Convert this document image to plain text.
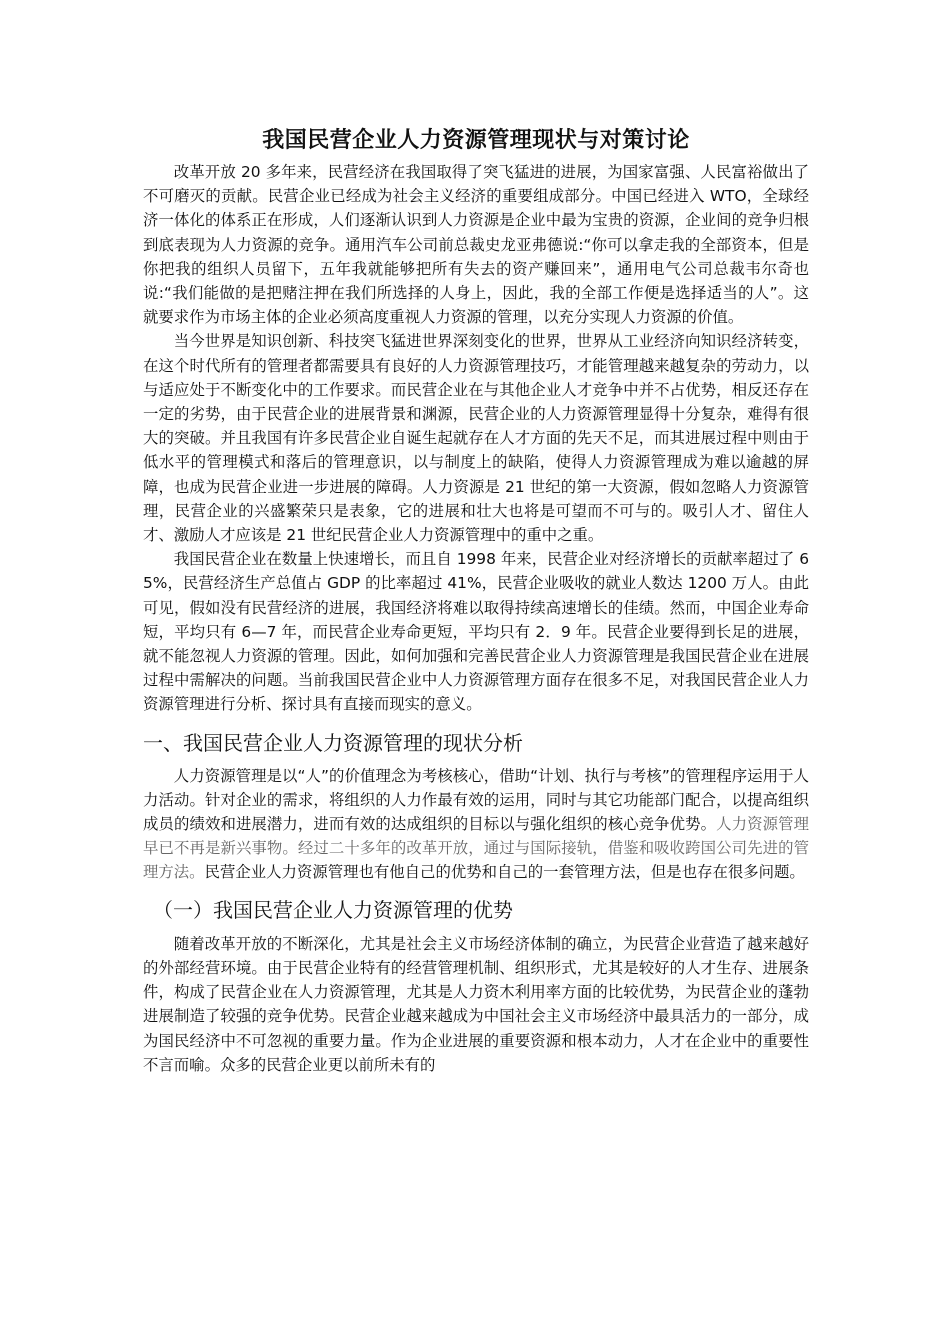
我国民营企业人力资源管理现状与对策讨论

改革开放 20 多年来，民营经济在我国取得了突飞猛进的进展，为国家富强、人民富裕做出了不可磨灭的贡献。民营企业已经成为社会主义经济的重要组成部分。中国已经进入 WTO，全球经济一体化的体系正在形成，人们逐渐认识到人力资源是企业中最为宝贵的资源，企业间的竞争归根到底表现为人力资源的竞争。通用汽车公司前总裁史龙亚弗德说:“你可以拿走我的全部资本，但是你把我的组织人员留下，五年我就能够把所有失去的资产赚回来”，通用电气公司总裁韦尔奇也说:“我们能做的是把赌注押在我们所选择的人身上，因此，我的全部工作便是选择适当的人”。这就要求作为市场主体的企业必须高度重视人力资源的管理，以充分实现人力资源的价值。

当今世界是知识创新、科技突飞猛进世界深刻变化的世界，世界从工业经济向知识经济转变，在这个时代所有的管理者都需要具有良好的人力资源管理技巧，才能管理越来越复杂的劳动力，以与适应处于不断变化中的工作要求。而民营企业在与其他企业人才竞争中并不占优势，相反还存在一定的劣势，由于民营企业的进展背景和渊源，民营企业的人力资源管理显得十分复杂，难得有很大的突破。并且我国有许多民营企业自诞生起就存在人才方面的先天不足，而其进展过程中则由于低水平的管理模式和落后的管理意识，以与制度上的缺陷，使得人力资源管理成为难以逾越的屏障，也成为民营企业进一步进展的障碍。人力资源是 21 世纪的第一大资源，假如忽略人力资源管理，民营企业的兴盛繁荣只是表象，它的进展和壮大也将是可望而不可与的。吸引人才、留住人才、激励人才应该是 21 世纪民营企业人力资源管理中的重中之重。

我国民营企业在数量上快速增长，而且自 1998 年来，民营企业对经济增长的贡献率超过了 65%，民营经济生产总值占 GDP 的比率超过 41%，民营企业吸收的就业人数达 1200 万人。由此可见，假如没有民营经济的进展，我国经济将难以取得持续高速增长的佳绩。然而，中国企业寿命短，平均只有 6—7 年，而民营企业寿命更短，平均只有 2．9 年。民营企业要得到长足的进展，就不能忽视人力资源的管理。因此，如何加强和完善民营企业人力资源管理是我国民营企业在进展过程中需解决的问题。当前我国民营企业中人力资源管理方面存在很多不足，对我国民营企业人力资源管理进行分析、探讨具有直接而现实的意义。

一、我国民营企业人力资源管理的现状分析

人力资源管理是以“人”的价值理念为考核核心，借助“计划、执行与考核”的管理程序运用于人力活动。针对企业的需求，将组织的人力作最有效的运用，同时与其它功能部门配合，以提高组织成员的绩效和进展潜力，进而有效的达成组织的目标以与强化组织的核心竞争优势。人力资源管理早已不再是新兴事物。经过二十多年的改革开放，通过与国际接轨，借鉴和吸收跨国公司先进的管理方法。民营企业人力资源管理也有他自己的优势和自己的一套管理方法，但是也存在很多问题。

（一）我国民营企业人力资源管理的优势

随着改革开放的不断深化，尤其是社会主义市场经济体制的确立，为民营企业营造了越来越好的外部经营环境。由于民营企业特有的经营管理机制、组织形式，尤其是较好的人才生存、进展条件，构成了民营企业在人力资源管理，尤其是人力资木利用率方面的比较优势，为民营企业的蓬勃进展制造了较强的竞争优势。民营企业越来越成为中国社会主义市场经济中最具活力的一部分，成为国民经济中不可忽视的重要力量。作为企业进展的重要资源和根本动力，人才在企业中的重要性不言而喻。众多的民营企业更以前所未有的
